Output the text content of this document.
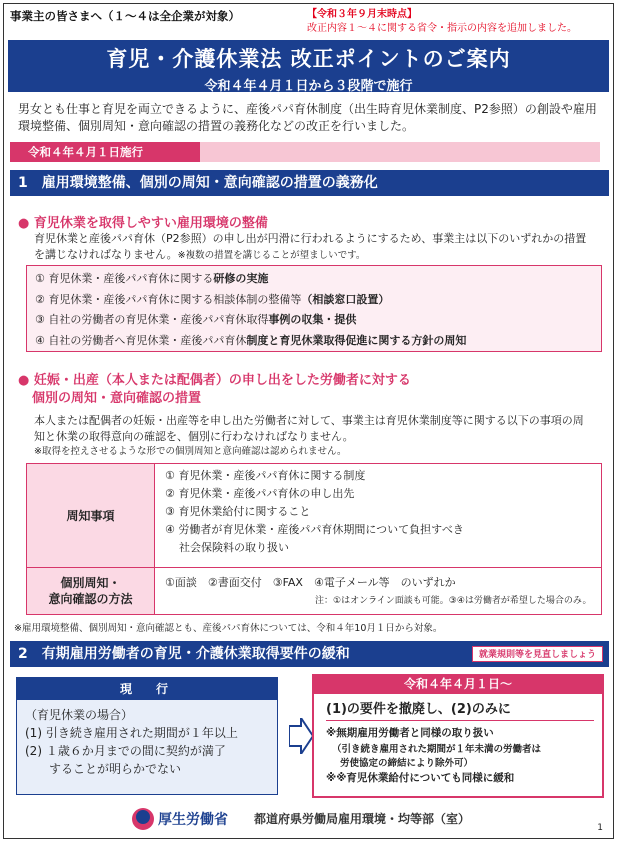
事業主の皆さまへ（１～４は全企業が対象）	【令和３年９月末時点】
改正内容１～４に関する省令・指示の内容を追加しました。
育児・介護休業法 改正ポイントのご案内
令和４年４月１日から３段階で施行
男女とも仕事と育児を両立できるように、産後パパ育休制度（出生時育児休業制度、P2参照）の創設や雇用環境整備、個別周知・意向確認の措置の義務化などの改正を行いました。
令和４年４月１日施行
1　雇用環境整備、個別の周知・意向確認の措置の義務化
● 育児休業を取得しやすい雇用環境の整備
育児休業と産後パパ育休（P2参照）の申し出が円滑に行われるようにするため、事業主は以下のいずれかの措置を講じなければなりません。※複数の措置を講じることが望ましいです。
① 育児休業・産後パパ育休に関する研修の実施
② 育児休業・産後パパ育休に関する相談体制の整備等（相談窓口設置）
③ 自社の労働者の育児休業・産後パパ育休取得事例の収集・提供
④ 自社の労働者へ育児休業・産後パパ育休制度と育児休業取得促進に関する方針の周知
● 妊娠・出産（本人または配偶者）の申し出をした労働者に対する
個別の周知・意向確認の措置
本人または配偶者の妊娠・出産等を申し出た労働者に対して、事業主は育児休業制度等に関する以下の事項の周知と休業の取得意向の確認を、個別に行わなければなりません。
※取得を控えさせるような形での個別周知と意向確認は認められません。
周知事項
① 育児休業・産後パパ育休に関する制度
② 育児休業・産後パパ育休の申し出先
③ 育児休業給付に関すること
④ 労働者が育児休業・産後パパ育休期間について負担すべき
社会保険料の取り扱い
個別周知・
意向確認の方法
①面談　②書面交付　③FAX　④電子メール等　のいずれか
注：①はオンライン面談も可能。③④は労働者が希望した場合のみ。
※雇用環境整備、個別周知・意向確認とも、産後パパ育休については、令和４年10月１日から対象。
2　有期雇用労働者の育児・介護休業取得要件の緩和	就業規則等を見直しましょう
現　行
（育児休業の場合）
(1) 引き続き雇用された期間が１年以上
(2) １歳６か月までの間に契約が満了
　　することが明らかでない
令和４年４月１日～
(1)の要件を撤廃し、(2)のみに
※無期雇用労働者と同様の取り扱い
（引き続き雇用された期間が１年未満の労働者は
労使協定の締結により除外可）
※※育児休業給付についても同様に緩和
厚生労働省 都道府県労働局雇用環境・均等部（室）
1
